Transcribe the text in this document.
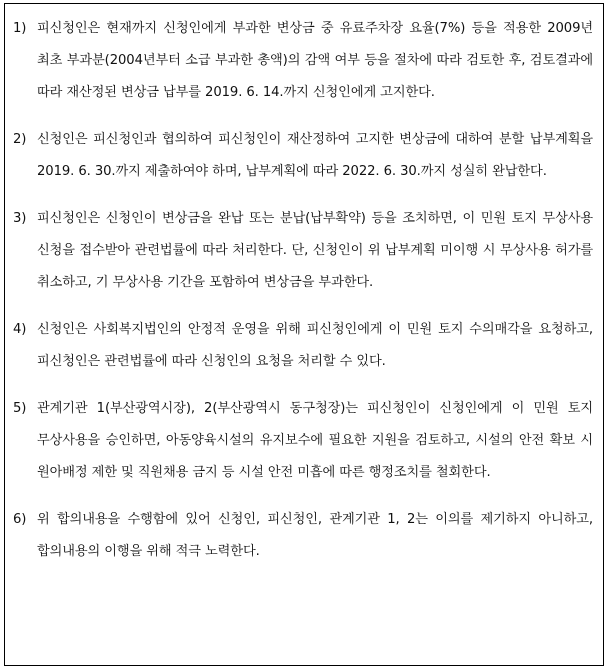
1) 피신청인은 현재까지 신청인에게 부과한 변상금 중 유료주차장 요율(7%) 등을 적용한 2009년 최초 부과분(2004년부터 소급 부과한 총액)의 감액 여부 등을 절차에 따라 검토한 후, 검토결과에 따라 재산정된 변상금 납부를 2019. 6. 14.까지 신청인에게 고지한다.
2) 신청인은 피신청인과 협의하여 피신청인이 재산정하여 고지한 변상금에 대하여 분할 납부계획을 2019. 6. 30.까지 제출하여야 하며, 납부계획에 따라 2022. 6. 30.까지 성실히 완납한다.
3) 피신청인은 신청인이 변상금을 완납 또는 분납(납부확약) 등을 조치하면, 이 민원 토지 무상사용 신청을 접수받아 관련법률에 따라 처리한다. 단, 신청인이 위 납부계획 미이행 시 무상사용 허가를 취소하고, 기 무상사용 기간을 포함하여 변상금을 부과한다.
4) 신청인은 사회복지법인의 안정적 운영을 위해 피신청인에게 이 민원 토지 수의매각을 요청하고, 피신청인은 관련법률에 따라 신청인의 요청을 처리할 수 있다.
5) 관계기관 1(부산광역시장), 2(부산광역시 동구청장)는 피신청인이 신청인에게 이 민원 토지 무상사용을 승인하면, 아동양육시설의 유지보수에 필요한 지원을 검토하고, 시설의 안전 확보 시 원아배정 제한 및 직원채용 금지 등 시설 안전 미흡에 따른 행정조치를 철회한다.
6) 위 합의내용을 수행함에 있어 신청인, 피신청인, 관계기관 1, 2는 이의를 제기하지 아니하고, 합의내용의 이행을 위해 적극 노력한다.
